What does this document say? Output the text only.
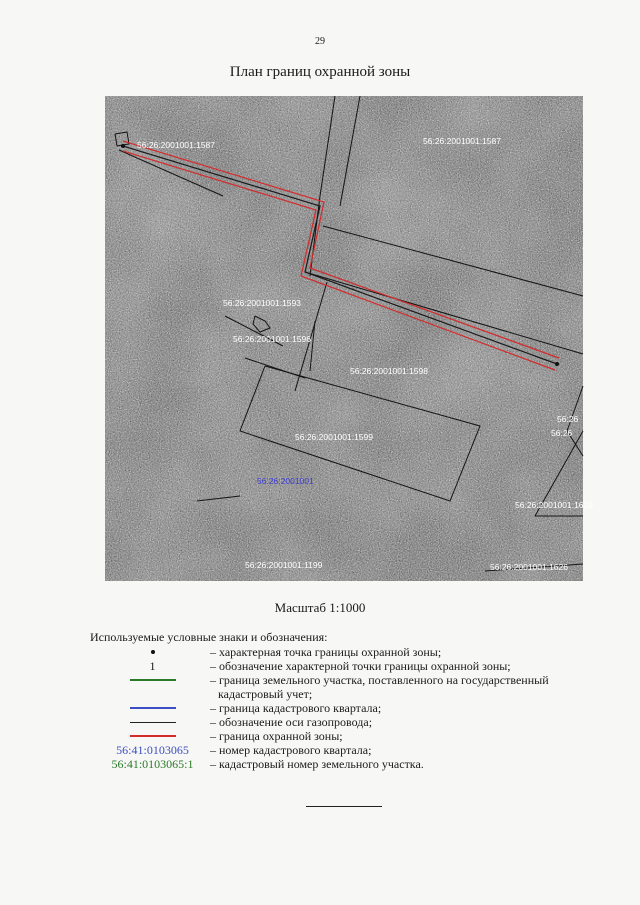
29
План границ охранной зоны
56:26:2001001:1587	56:26:2001001:1587
56:26:2001001:1593
56:26:2001001:1596
56:26:2001001:1598
56:26:2001001:1599
56:26:2001001
56:26:2001001:1199
56:26:2001001:1619
56:26:2001001:1626
56:26
56:26
Масштаб 1:1000
Используемые условные знаки и обозначения:
– характерная точка границы охранной зоны;
1	– обозначение характерной точки границы охранной зоны;
– граница земельного участка, поставленного на государственный кадастровый учет;
– граница кадастрового квартала;
– обозначение оси газопровода;
– граница охранной зоны;
56:41:0103065 – номер кадастрового квартала;
56:41:0103065:1 – кадастровый номер земельного участка.
